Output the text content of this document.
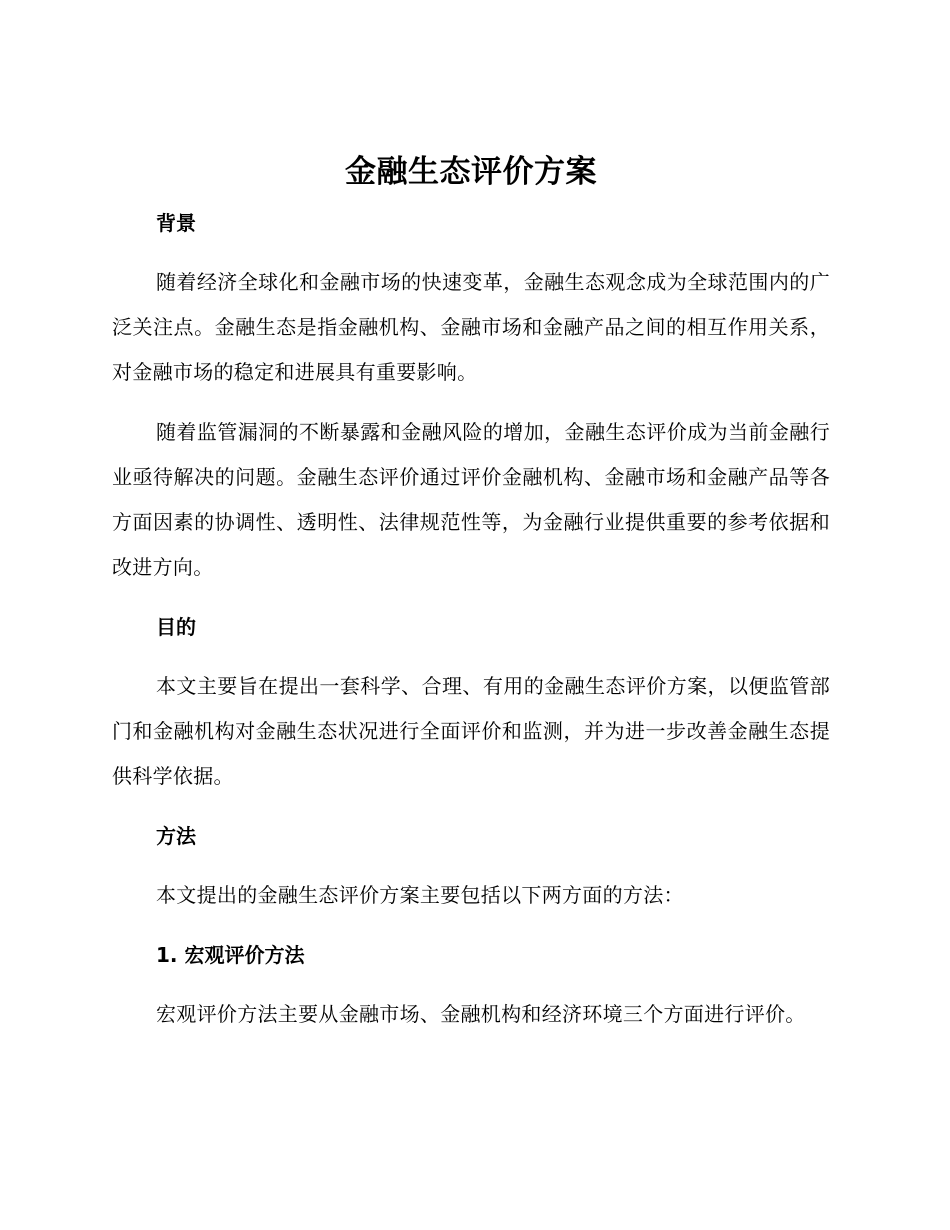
金融生态评价方案
背景

随着经济全球化和金融市场的快速变革，金融生态观念成为全球范围内的广泛关注点。金融生态是指金融机构、金融市场和金融产品之间的相互作用关系，对金融市场的稳定和进展具有重要影响。

随着监管漏洞的不断暴露和金融风险的增加，金融生态评价成为当前金融行业亟待解决的问题。金融生态评价通过评价金融机构、金融市场和金融产品等各方面因素的协调性、透明性、法律规范性等，为金融行业提供重要的参考依据和改进方向。

目的

本文主要旨在提出一套科学、合理、有用的金融生态评价方案，以便监管部门和金融机构对金融生态状况进行全面评价和监测，并为进一步改善金融生态提供科学依据。

方法

本文提出的金融生态评价方案主要包括以下两方面的方法：

1. 宏观评价方法

宏观评价方法主要从金融市场、金融机构和经济环境三个方面进行评价。
